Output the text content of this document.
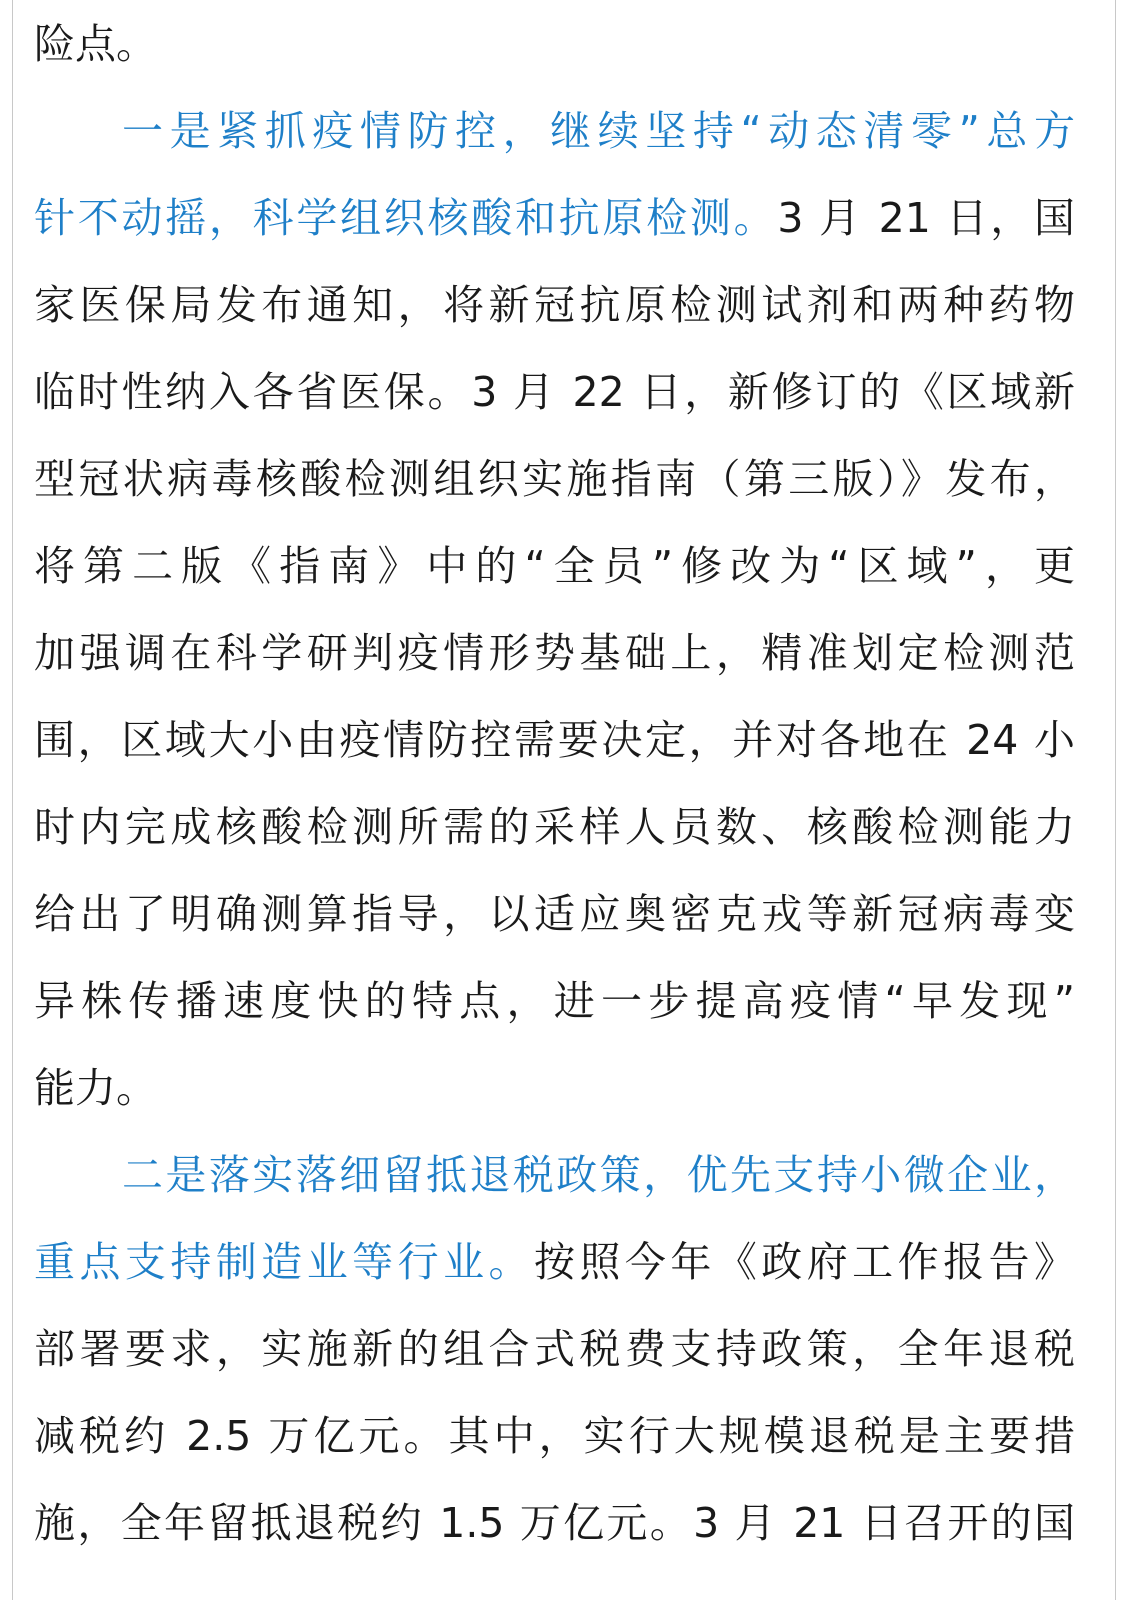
险点。
一是紧抓疫情防控，继续坚持“动态清零”总方
针不动摇，科学组织核酸和抗原检测。3 月 21 日，国
家医保局发布通知，将新冠抗原检测试剂和两种药物
临时性纳入各省医保。3 月 22 日，新修订的《区域新
型冠状病毒核酸检测组织实施指南（第三版）》发布，
将第二版《指南》中的“全员”修改为“区域”，更
加强调在科学研判疫情形势基础上，精准划定检测范
围，区域大小由疫情防控需要决定，并对各地在 24 小
时内完成核酸检测所需的采样人员数、核酸检测能力
给出了明确测算指导，以适应奥密克戎等新冠病毒变
异株传播速度快的特点，进一步提高疫情“早发现”
能力。
二是落实落细留抵退税政策，优先支持小微企业，
重点支持制造业等行业。按照今年《政府工作报告》
部署要求，实施新的组合式税费支持政策，全年退税
减税约 2.5 万亿元。其中，实行大规模退税是主要措
施，全年留抵退税约 1.5 万亿元。3 月 21 日召开的国
